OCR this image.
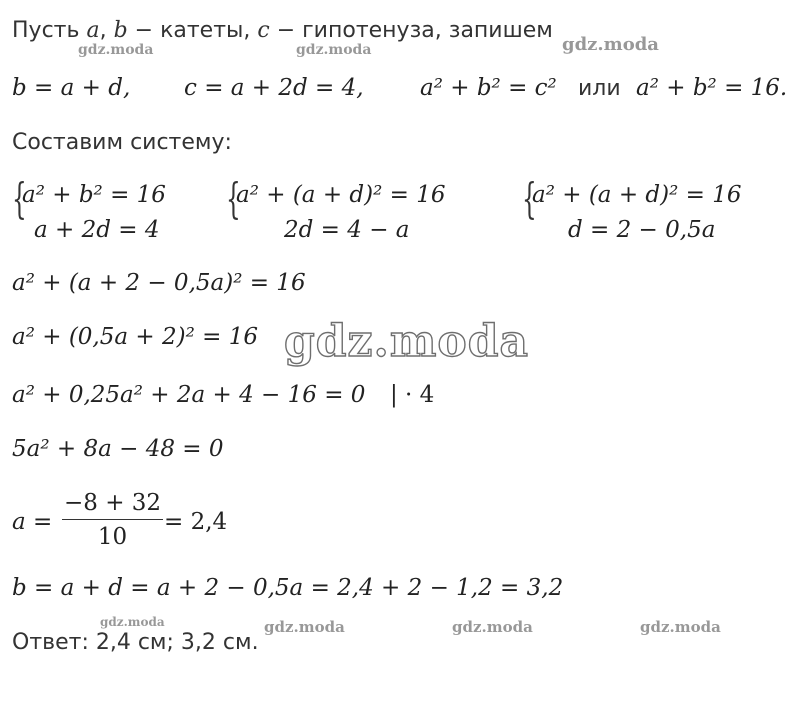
Пусть a, b − катеты, c − гипотенуза, запишем
b = a + d, c = a + 2d = 4, a² + b² = c² или a² + b² = 16.
Составим систему:
{
a² + b² = 16
a + 2d = 4
{
a² + (a + d)² = 16
2d = 4 − a
{
a² + (a + d)² = 16
d = 2 − 0,5a
a² + (a + 2 − 0,5a)² = 16
a² + (0,5a + 2)² = 16
a² + 0,25a² + 2a + 4 − 16 = 0 | · 4
5a² + 8a − 48 = 0
$a = \frac{-8 + 32}{10} = 2,4$
b = a + d = a + 2 − 0,5a = 2,4 + 2 − 1,2 = 3,2
Ответ: 2,4 см; 3,2 см.
gdz.moda	gdz.moda	gdz.moda
gdz.moda
gdz.moda	gdz.moda	gdz.moda	gdz.moda
